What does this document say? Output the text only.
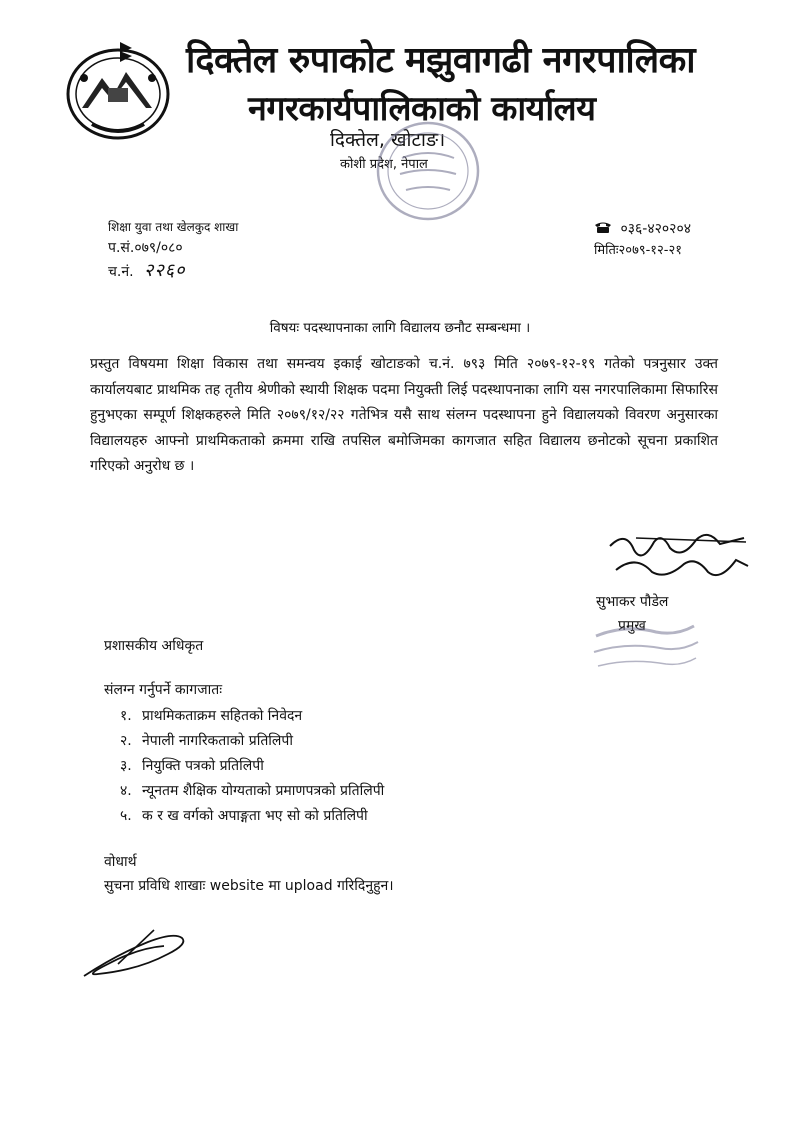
दिक्तेल रुपाकोट मझुवागढी नगरपालिका
नगरकार्यपालिकाको कार्यालय
दिक्तेल, खोटाङ।
कोशी प्रदेश, नेपाल
शिक्षा युवा तथा खेलकुद शाखा
प.सं.०७९/०८०
च.नं. २२६०
०३६-४२०२०४
मितिः२०७९-१२-२१
विषयः पदस्थापनाका लागि विद्यालय छनौट सम्बन्धमा ।
प्रस्तुत विषयमा शिक्षा विकास तथा समन्वय इकाई खोटाङको च.नं. ७९३ मिति २०७९-१२-१९ गतेको पत्रनुसार उक्त कार्यालयबाट प्राथमिक तह तृतीय श्रेणीको स्थायी शिक्षक पदमा नियुक्ती लिई पदस्थापनाका लागि यस नगरपालिकामा सिफारिस हुनुभएका सम्पूर्ण शिक्षकहरुले मिति २०७९/१२/२२ गतेभित्र यसै साथ संलग्न पदस्थापना हुने विद्यालयको विवरण अनुसारका विद्यालयहरु आफ्नो प्राथमिकताको क्रममा राखि तपसिल बमोजिमका कागजात सहित विद्यालय छनोटको सूचना प्रकाशित गरिएको अनुरोध छ ।
सुभाकर पौडेल
प्रमुख
प्रशासकीय अधिकृत
संलग्न गर्नुपर्ने कागजातः
१. प्राथमिकताक्रम सहितको निवेदन
२. नेपाली नागरिकताको प्रतिलिपी
३. नियुक्ति पत्रको प्रतिलिपी
४. न्यूनतम शैक्षिक योग्यताको प्रमाणपत्रको प्रतिलिपी
५. क र ख वर्गको अपाङ्गता भए सो को प्रतिलिपी
वोधार्थ
सुचना प्रविधि शाखाः website मा upload गरिदिनुहुन।
